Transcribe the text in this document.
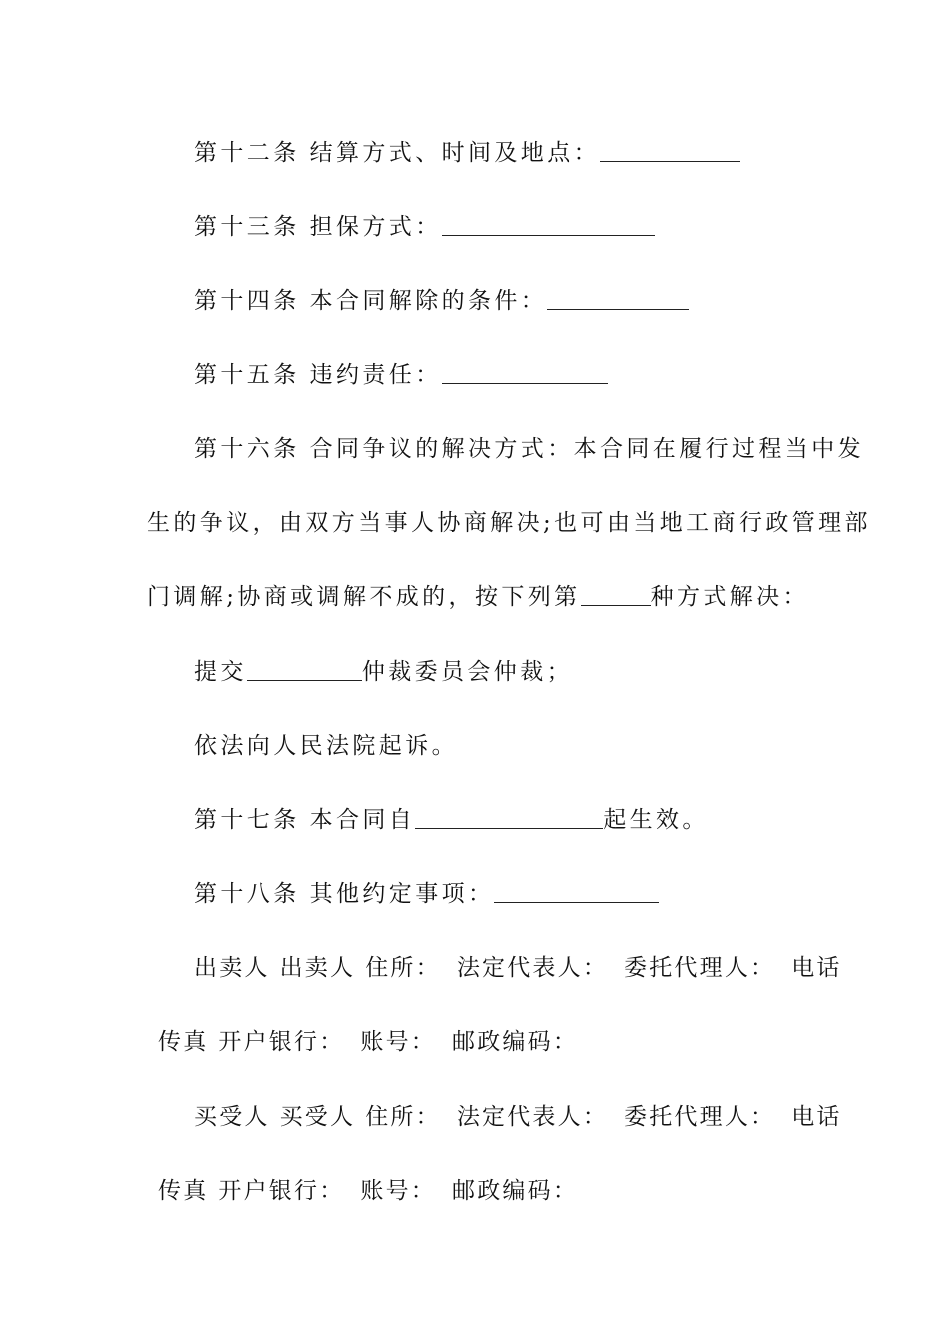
第十二条 结算方式、时间及地点：
第十三条 担保方式：
第十四条 本合同解除的条件：
第十五条 违约责任：
第十六条 合同争议的解决方式：本合同在履行过程当中发
生的争议，由双方当事人协商解决;也可由当地工商行政管理部
门调解;协商或调解不成的，按下列第	种方式解决：
提交	仲裁委员会仲裁；
依法向人民法院起诉。
第十七条 本合同自	起生效。
第十八条 其他约定事项：
出卖人 出卖人 住所： 法定代表人： 委托代理人： 电话
传真 开户银行： 账号： 邮政编码：
买受人 买受人 住所： 法定代表人： 委托代理人： 电话
传真 开户银行： 账号： 邮政编码：
